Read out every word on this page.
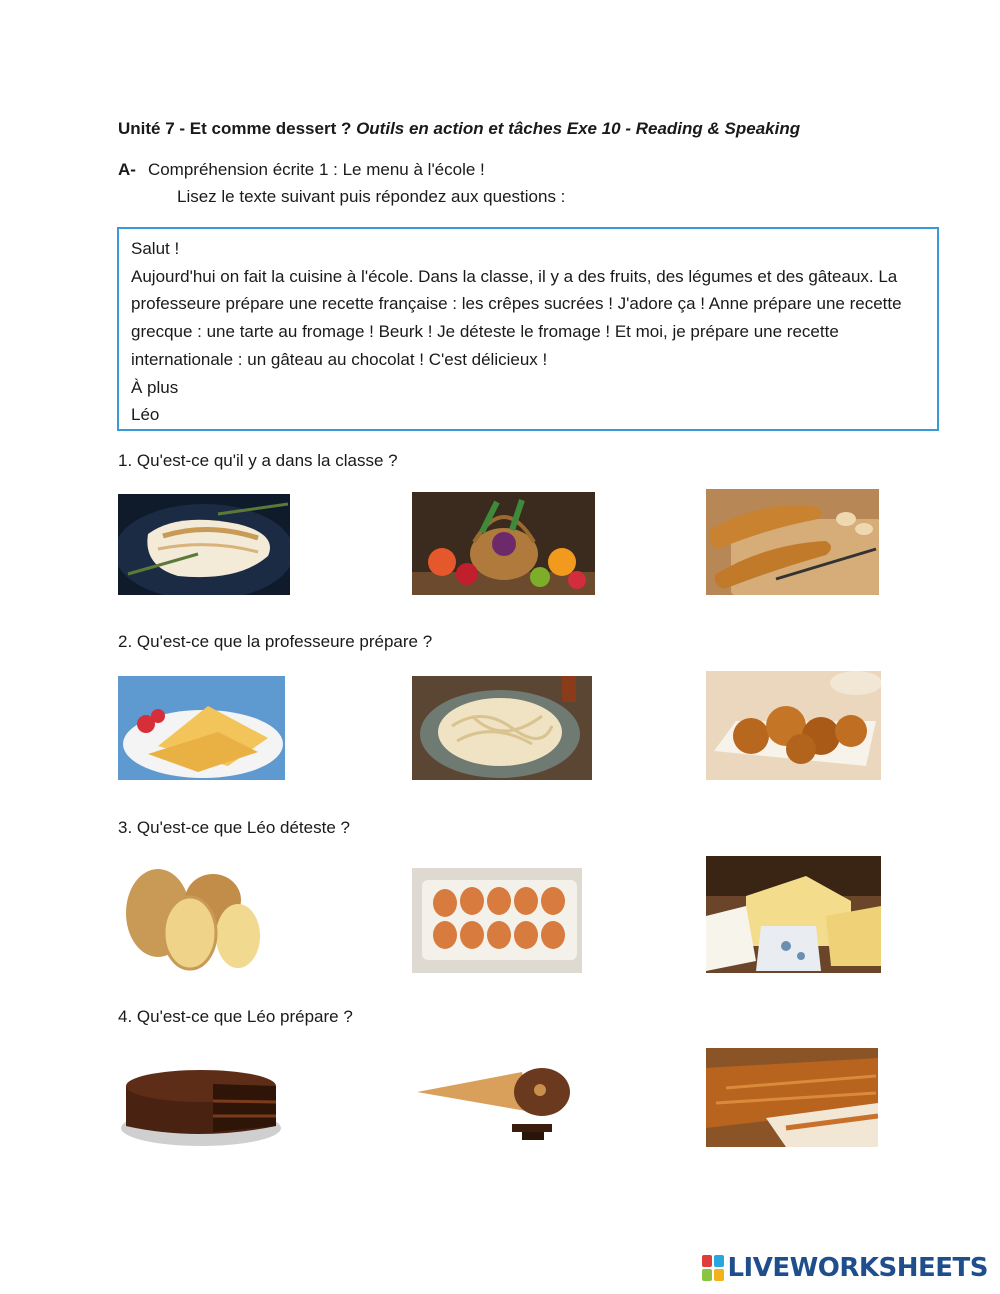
Unité 7 - Et comme dessert ? Outils en action et tâches Exe 10 - Reading & Speaking
A- Compréhension écrite 1 : Le menu à l'école !
Lisez le texte suivant puis répondez aux questions :

Salut !

Aujourd'hui on fait la cuisine à l'école. Dans la classe, il y a des fruits, des légumes et des gâteaux. La professeure prépare une recette française : les crêpes sucrées ! J'adore ça ! Anne prépare une recette grecque : une tarte au fromage ! Beurk ! Je déteste le fromage ! Et moi, je prépare une recette internationale : un gâteau au chocolat ! C'est délicieux !

À plus

Léo

1. Qu'est-ce qu'il y a dans la classe ?
2. Qu'est-ce que la professeure prépare ?
3. Qu'est-ce que Léo déteste ?
4. Qu'est-ce que Léo prépare ?
LIVEWORKSHEETS
